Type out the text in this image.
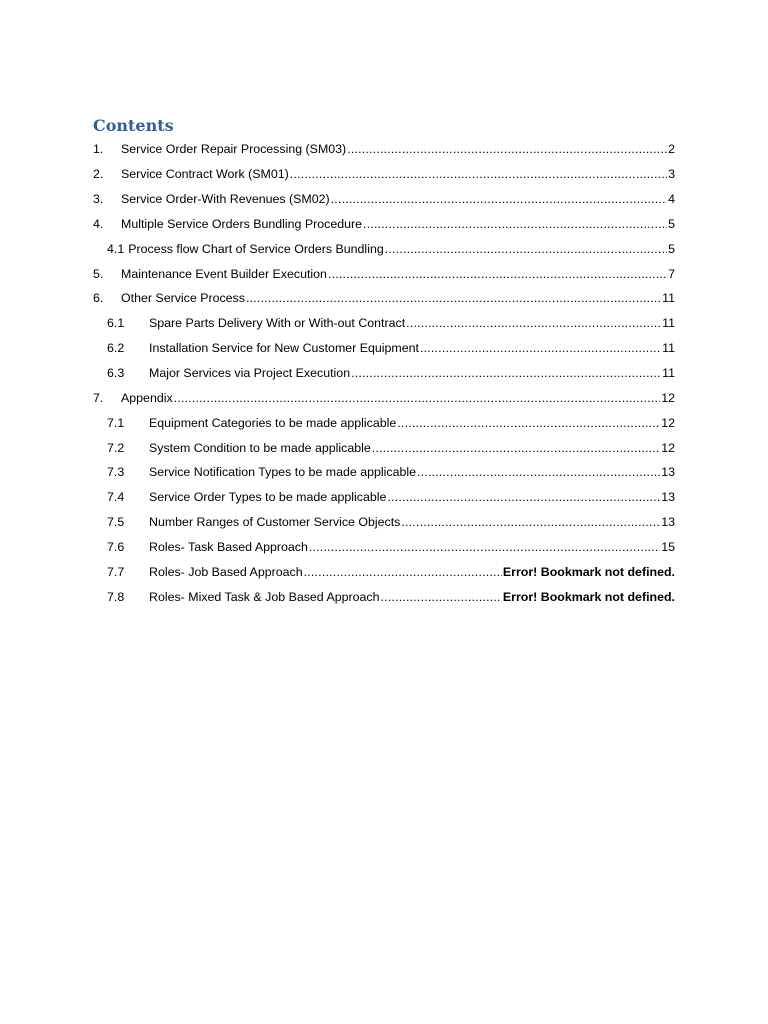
Contents
1.	Service Order Repair Processing (SM03) .....	2
2.	Service Contract Work (SM01) .....	3
3.	Service Order-With Revenues (SM02) .....	4
4.	Multiple Service Orders Bundling Procedure .....	5
4.1 Process flow Chart of Service Orders Bundling .....	5
5.	Maintenance Event Builder Execution .....	7
6.	Other Service Process .....	11
6.1	Spare Parts Delivery With or With-out Contract .....	11
6.2	Installation Service for New Customer Equipment .....	11
6.3	Major Services via Project Execution .....	11
7.	Appendix .....	12
7.1	Equipment Categories to be made applicable .....	12
7.2	System Condition to be made applicable .....	12
7.3	Service Notification Types to be made applicable .....	13
7.4	Service Order Types to be made applicable .....	13
7.5	Number Ranges of Customer Service Objects .....	13
7.6	Roles- Task Based Approach .....	15
7.7	Roles- Job Based Approach .....	Error! Bookmark not defined.
7.8	Roles- Mixed Task & Job Based Approach .....	Error! Bookmark not defined.
